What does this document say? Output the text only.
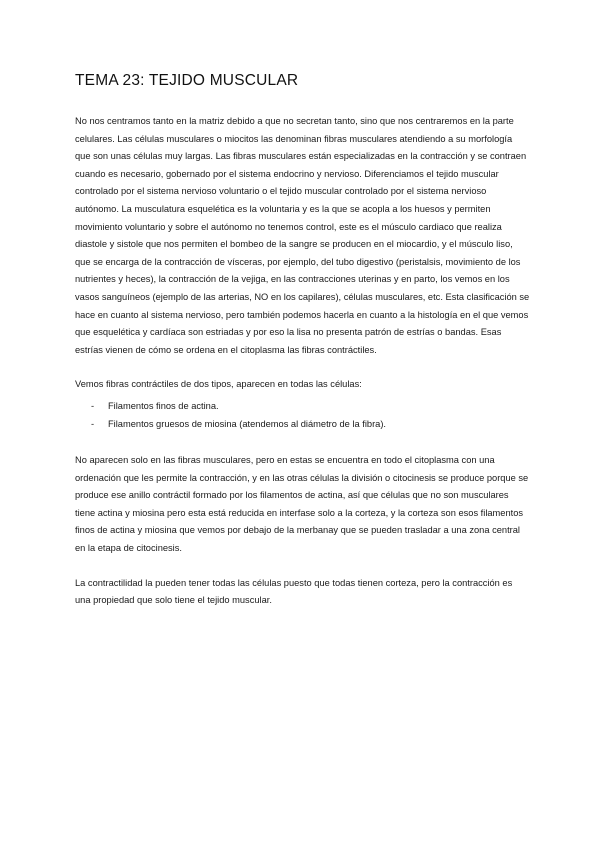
TEMA 23: TEJIDO MUSCULAR

No nos centramos tanto en la matriz debido a que no secretan tanto, sino que nos centraremos en la parte celulares. Las células musculares o miocitos las denominan fibras musculares atendiendo a su morfología que son unas células muy largas. Las fibras musculares están especializadas en la contracción y se contraen cuando es necesario, gobernado por el sistema endocrino y nervioso. Diferenciamos el tejido muscular controlado por el sistema nervioso voluntario o el tejido muscular controlado por el sistema nervioso autónomo. La musculatura esquelética es la voluntaria y es la que se acopla a los huesos y permiten movimiento voluntario y sobre el autónomo no tenemos control, este es el músculo cardiaco que realiza diastole y sistole que nos permiten el bombeo de la sangre se producen en el miocardio, y el músculo liso, que se encarga de la contracción de vísceras, por ejemplo, del tubo digestivo (peristalsis, movimiento de los nutrientes y heces), la contracción de la vejiga, en las contracciones uterinas y en parto, los vemos en los vasos sanguíneos (ejemplo de las arterias, NO en los capilares), células musculares, etc. Esta clasificación se hace en cuanto al sistema nervioso, pero también podemos hacerla en cuanto a la histología en el que vemos que esquelética y cardíaca son estriadas y por eso la lisa no presenta patrón de estrías o bandas. Esas estrías vienen de cómo se ordena en el citoplasma las fibras contráctiles.

Vemos fibras contráctiles de dos tipos, aparecen en todas las células:

- Filamentos finos de actina.
- Filamentos gruesos de miosina (atendemos al diámetro de la fibra).

No aparecen solo en las fibras musculares, pero en estas se encuentra en todo el citoplasma con una ordenación que les permite la contracción, y en las otras células la división o citocinesis se produce porque se produce ese anillo contráctil formado por los filamentos de actina, así que células que no son musculares tiene actina y miosina pero esta está reducida en interfase solo a la corteza, y la corteza son esos filamentos finos de actina y miosina que vemos por debajo de la merbanay que se pueden trasladar a una zona central en la etapa de citocinesis.

La contractilidad la pueden tener todas las células puesto que todas tienen corteza, pero la contracción es una propiedad que solo tiene el tejido muscular.
